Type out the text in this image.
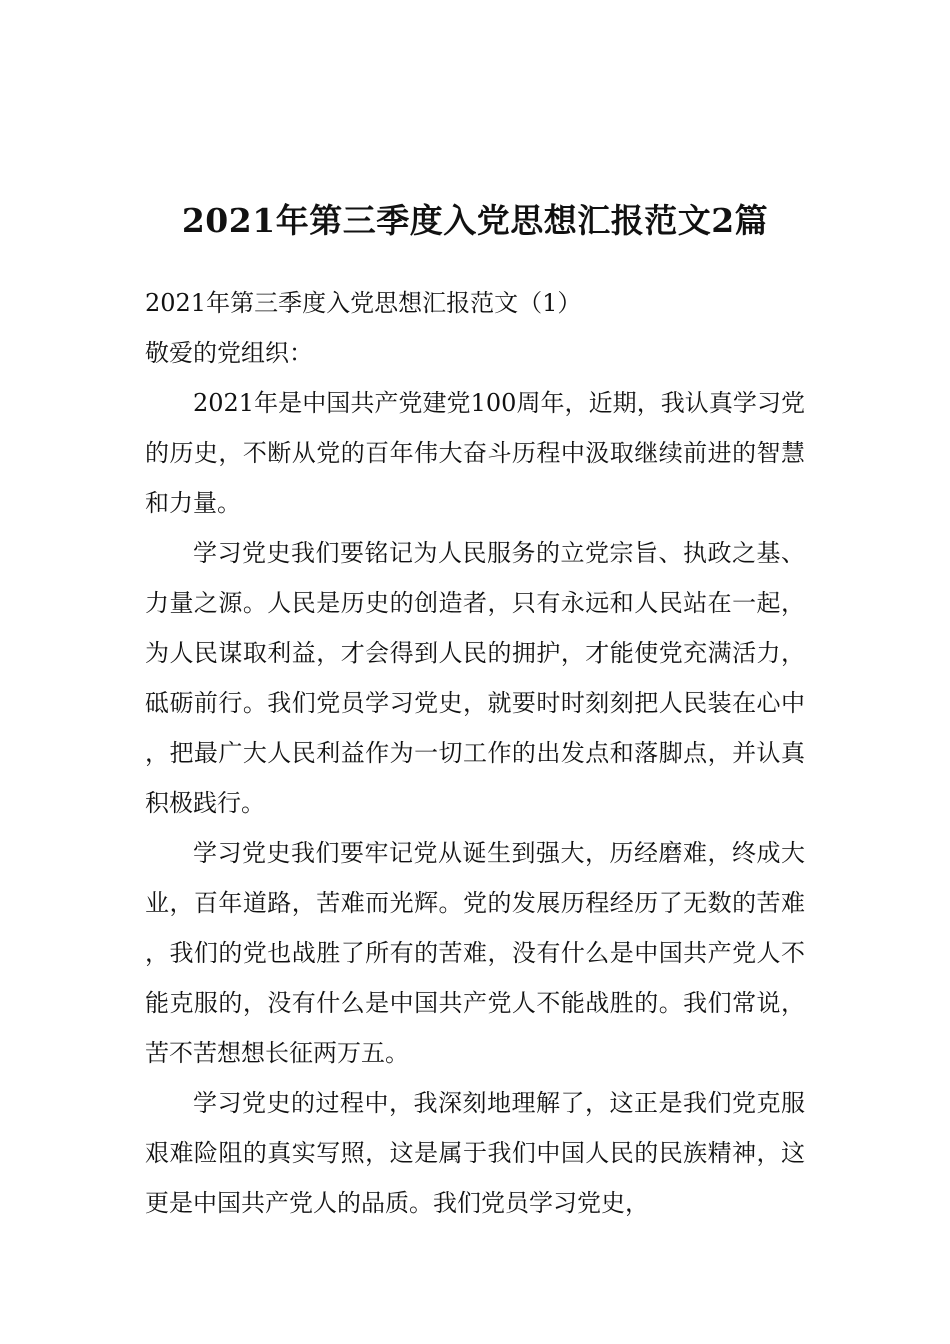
2021年第三季度入党思想汇报范文2篇

2021年第三季度入党思想汇报范文（1）

敬爱的党组织：

2021年是中国共产党建党100周年，近期，我认真学习党的历史，不断从党的百年伟大奋斗历程中汲取继续前进的智慧和力量。

学习党史我们要铭记为人民服务的立党宗旨、执政之基、力量之源。人民是历史的创造者，只有永远和人民站在一起，为人民谋取利益，才会得到人民的拥护，才能使党充满活力，砥砺前行。我们党员学习党史，就要时时刻刻把人民装在心中，把最广大人民利益作为一切工作的出发点和落脚点，并认真积极践行。

学习党史我们要牢记党从诞生到强大，历经磨难，终成大业，百年道路，苦难而光辉。党的发展历程经历了无数的苦难，我们的党也战胜了所有的苦难，没有什么是中国共产党人不能克服的，没有什么是中国共产党人不能战胜的。我们常说，苦不苦想想长征两万五。

学习党史的过程中，我深刻地理解了，这正是我们党克服艰难险阻的真实写照，这是属于我们中国人民的民族精神，这更是中国共产党人的品质。我们党员学习党史，
